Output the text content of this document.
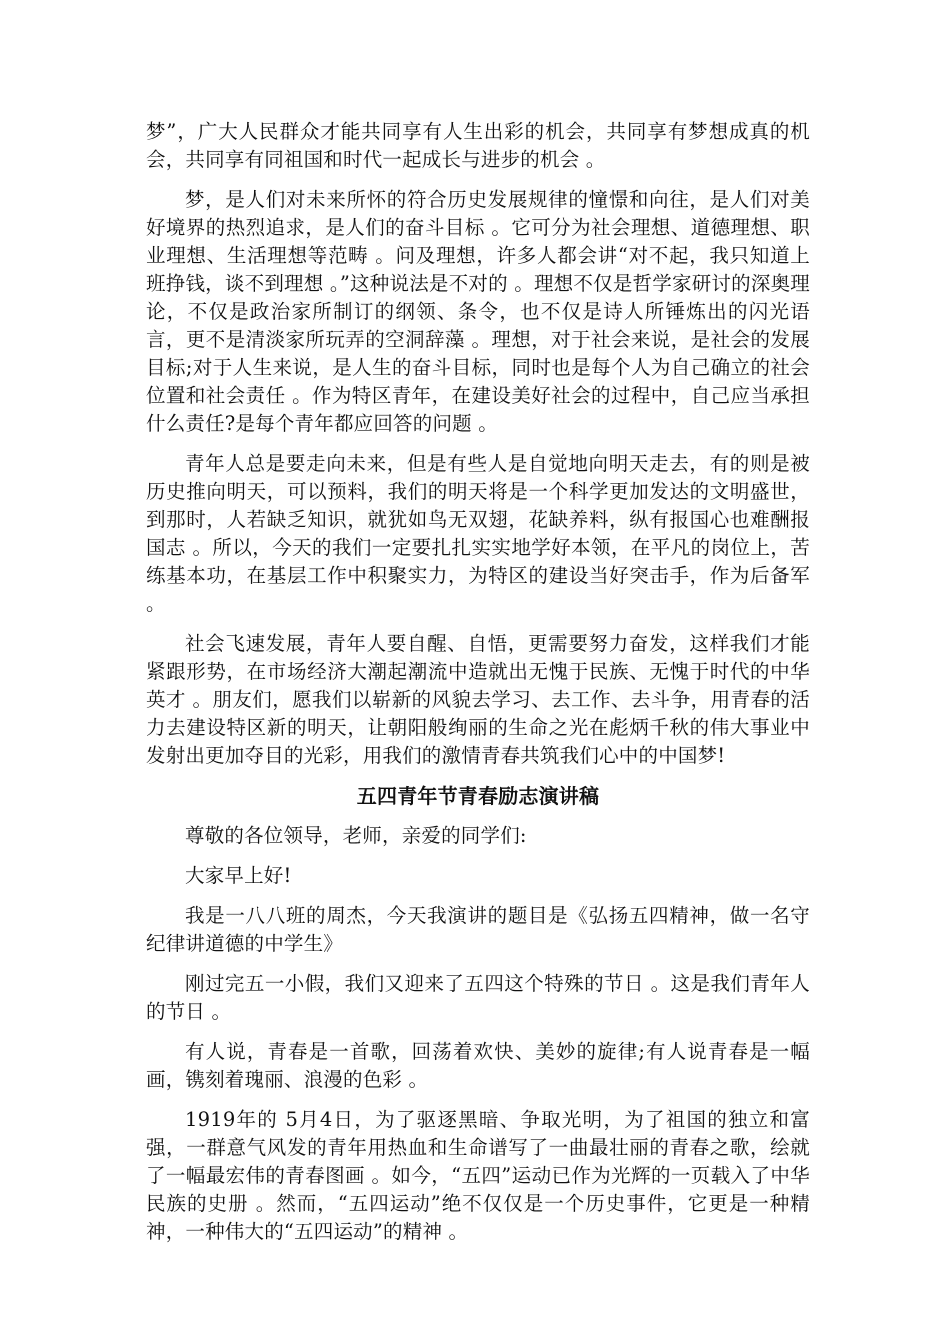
梦”，广大人民群众才能共同享有人生出彩的机会，共同享有梦想成真的机会，共同享有同祖国和时代一起成长与进步的机会 。

梦，是人们对未来所怀的符合历史发展规律的憧憬和向往，是人们对美好境界的热烈追求，是人们的奋斗目标 。它可分为社会理想、道德理想、职业理想、生活理想等范畴 。问及理想，许多人都会讲“对不起，我只知道上班挣钱，谈不到理想 。”这种说法是不对的 。理想不仅是哲学家研讨的深奥理论，不仅是政治家所制订的纲领、条令，也不仅是诗人所锤炼出的闪光语言，更不是清淡家所玩弄的空洞辞藻 。理想，对于社会来说，是社会的发展目标;对于人生来说，是人生的奋斗目标，同时也是每个人为自己确立的社会位置和社会责任 。作为特区青年，在建设美好社会的过程中，自己应当承担什么责任?是每个青年都应回答的问题 。

青年人总是要走向未来，但是有些人是自觉地向明天走去，有的则是被历史推向明天，可以预料，我们的明天将是一个科学更加发达的文明盛世，到那时，人若缺乏知识，就犹如鸟无双翅，花缺养料，纵有报国心也难酬报国志 。所以，今天的我们一定要扎扎实实地学好本领，在平凡的岗位上，苦练基本功，在基层工作中积聚实力，为特区的建设当好突击手，作为后备军 。

社会飞速发展，青年人要自醒、自悟，更需要努力奋发，这样我们才能紧跟形势，在市场经济大潮起潮流中造就出无愧于民族、无愧于时代的中华英才 。朋友们，愿我们以崭新的风貌去学习、去工作、去斗争，用青春的活力去建设特区新的明天，让朝阳般绚丽的生命之光在彪炳千秋的伟大事业中发射出更加夺目的光彩，用我们的激情青春共筑我们心中的中国梦!

五四青年节青春励志演讲稿

尊敬的各位领导，老师，亲爱的同学们:

大家早上好!

我是一八八班的周杰，今天我演讲的题目是《弘扬五四精神，做一名守纪律讲道德的中学生》

刚过完五一小假，我们又迎来了五四这个特殊的节日 。这是我们青年人的节日 。

有人说，青春是一首歌，回荡着欢快、美妙的旋律;有人说青春是一幅画，镌刻着瑰丽、浪漫的色彩 。

1919年的 5月4日，为了驱逐黑暗、争取光明，为了祖国的独立和富强，一群意气风发的青年用热血和生命谱写了一曲最壮丽的青春之歌，绘就了一幅最宏伟的青春图画 。如今，“五四”运动已作为光辉的一页载入了中华民族的史册 。然而，“五四运动”绝不仅仅是一个历史事件，它更是一种精神，一种伟大的“五四运动”的精神 。
